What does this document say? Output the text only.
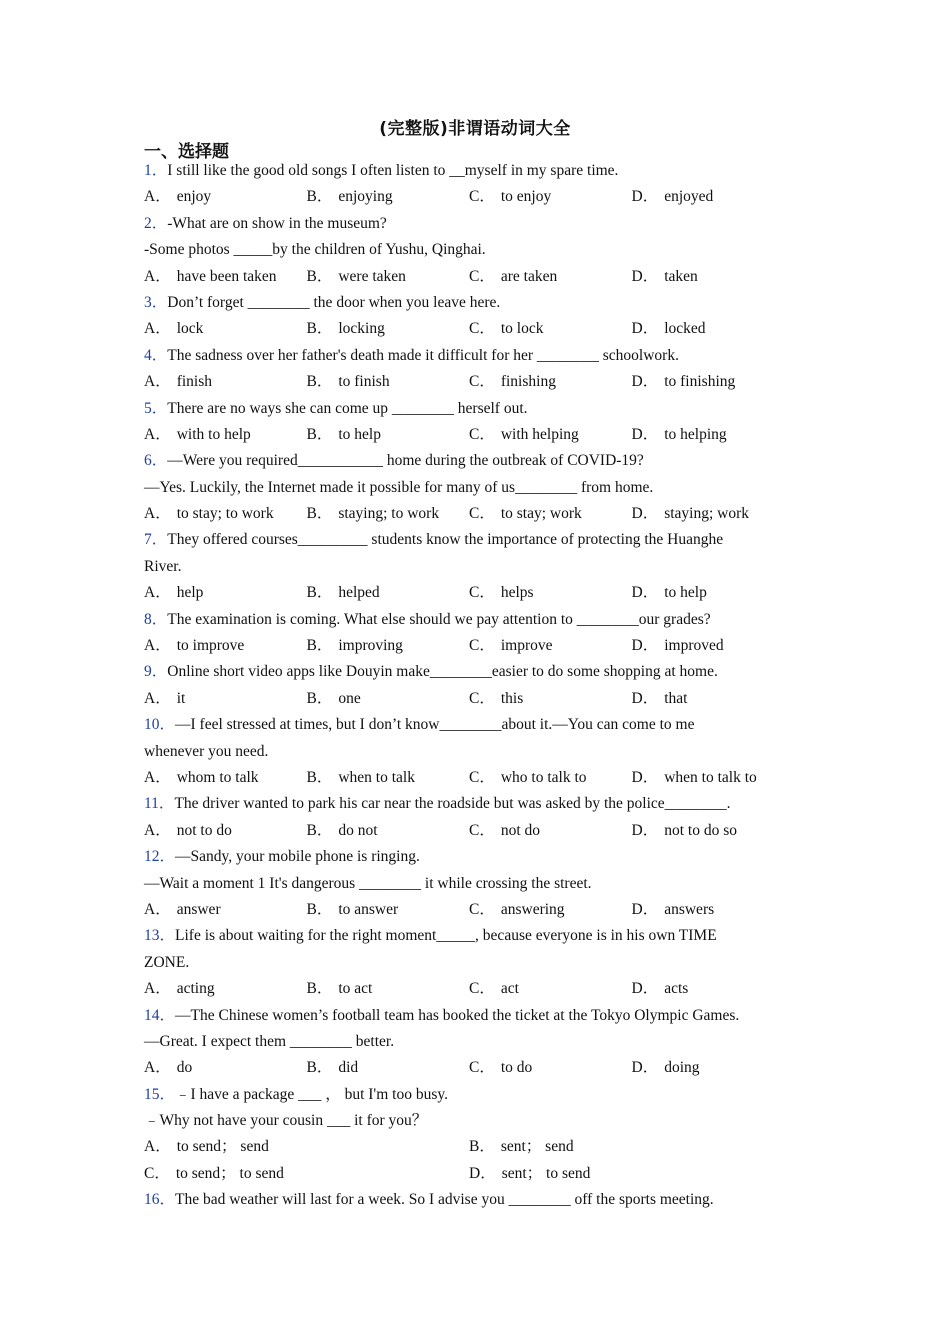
(完整版)非谓语动词大全
一、选择题
1．I still like the good old songs I often listen to __myself in my spare time.
A． enjoy	B． enjoying	C． to enjoy	D． enjoyed
2．-What are on show in the museum?
-Some photos _____by the children of Yushu, Qinghai.
A． have been taken	B． were taken	C． are taken	D． taken
3．Don’t forget ________ the door when you leave here.
A． lock	B． locking	C． to lock	D． locked
4．The sadness over her father's death made it difficult for her ________ schoolwork.
A． finish	B． to finish	C． finishing	D． to finishing
5．There are no ways she can come up ________ herself out.
A． with to help	B． to help	C． with helping	D． to helping
6．—Were you required___________ home during the outbreak of COVID-19?
—Yes. Luckily, the Internet made it possible for many of us________ from home.
A． to stay; to work	B． staying; to work	C． to stay; work	D． staying; work
7．They offered courses_________ students know the importance of protecting the Huanghe
River.
A． help	B． helped	C． helps	D． to help
8．The examination is coming. What else should we pay attention to ________our grades?
A． to improve	B． improving	C． improve	D． improved
9．Online short video apps like Douyin make________easier to do some shopping at home.
A． it	B． one	C． this	D． that
10．—I feel stressed at times, but I don’t know________about it.—You can come to me
whenever you need.
A． whom to talk	B． when to talk	C． who to talk to	D． when to talk to
11．The driver wanted to park his car near the roadside but was asked by the police________.
A． not to do	B． do not	C． not do	D． not to do so
12．—Sandy, your mobile phone is ringing.
—Wait a moment 1 It's dangerous ________ it while crossing the street.
A． answer	B． to answer	C． answering	D． answers
13．Life is about waiting for the right moment_____, because everyone is in his own TIME
ZONE.
A． acting	B． to act	C． act	D． acts
14．—The Chinese women’s football team has booked the ticket at the Tokyo Olympic Games.
—Great. I expect them ________ better.
A． do	B． did	C． to do	D． doing
15．﹣I have a package ___ ， but I'm too busy.
﹣Why not have your cousin ___ it for you？
A． to send； send	B． sent； send
C． to send； to send	D． sent； to send
16．The bad weather will last for a week. So I advise you ________ off the sports meeting.
